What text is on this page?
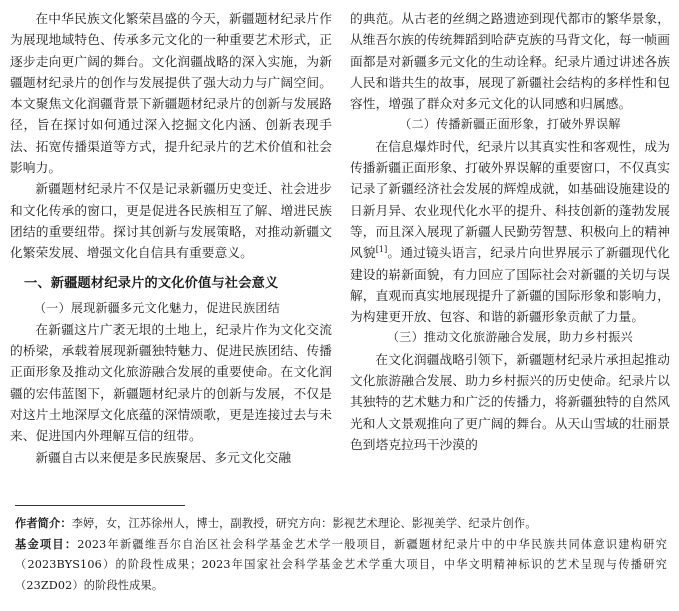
在中华民族文化繁荣昌盛的今天，新疆题材纪录片作为展现地域特色、传承多元文化的一种重要艺术形式，正逐步走向更广阔的舞台。文化润疆战略的深入实施，为新疆题材纪录片的创作与发展提供了强大动力与广阔空间。本文聚焦文化润疆背景下新疆题材纪录片的创新与发展路径，旨在探讨如何通过深入挖掘文化内涵、创新表现手法、拓宽传播渠道等方式，提升纪录片的艺术价值和社会影响力。

新疆题材纪录片不仅是记录新疆历史变迁、社会进步和文化传承的窗口，更是促进各民族相互了解、增进民族团结的重要纽带。探讨其创新与发展策略，对推动新疆文化繁荣发展、增强文化自信具有重要意义。

一、新疆题材纪录片的文化价值与社会意义

（一）展现新疆多元文化魅力，促进民族团结

在新疆这片广袤无垠的土地上，纪录片作为文化交流的桥梁，承载着展现新疆独特魅力、促进民族团结、传播正面形象及推动文化旅游融合发展的重要使命。在文化润疆的宏伟蓝图下，新疆题材纪录片的创新与发展，不仅是对这片土地深厚文化底蕴的深情颂歌，更是连接过去与未来、促进国内外理解互信的纽带。

新疆自古以来便是多民族聚居、多元文化交融

的典范。从古老的丝绸之路遗迹到现代都市的繁华景象，从维吾尔族的传统舞蹈到哈萨克族的马背文化，每一帧画面都是对新疆多元文化的生动诠释。纪录片通过讲述各族人民和谐共生的故事，展现了新疆社会结构的多样性和包容性，增强了群众对多元文化的认同感和归属感。

（二）传播新疆正面形象，打破外界误解

在信息爆炸时代，纪录片以其真实性和客观性，成为传播新疆正面形象、打破外界误解的重要窗口，不仅真实记录了新疆经济社会发展的辉煌成就，如基础设施建设的日新月异、农业现代化水平的提升、科技创新的蓬勃发展等，而且深入展现了新疆人民勤劳智慧、积极向上的精神风貌[1]。通过镜头语言，纪录片向世界展示了新疆现代化建设的崭新面貌，有力回应了国际社会对新疆的关切与误解，直观而真实地展现提升了新疆的国际形象和影响力，为构建更开放、包容、和谐的新疆形象贡献了力量。

（三）推动文化旅游融合发展，助力乡村振兴

在文化润疆战略引领下，新疆题材纪录片承担起推动文化旅游融合发展、助力乡村振兴的历史使命。纪录片以其独特的艺术魅力和广泛的传播力，将新疆独特的自然风光和人文景观推向了更广阔的舞台。从天山雪域的壮丽景色到塔克拉玛干沙漠的

作者简介：李婷，女，江苏徐州人，博士，副教授，研究方向：影视艺术理论、影视美学、纪录片创作。

基金项目：2023年新疆维吾尔自治区社会科学基金艺术学一般项目，新疆题材纪录片中的中华民族共同体意识建构研究（2023BYS106）的阶段性成果；2023年国家社会科学基金艺术学重大项目，中华文明精神标识的艺术呈现与传播研究（23ZD02）的阶段性成果。
